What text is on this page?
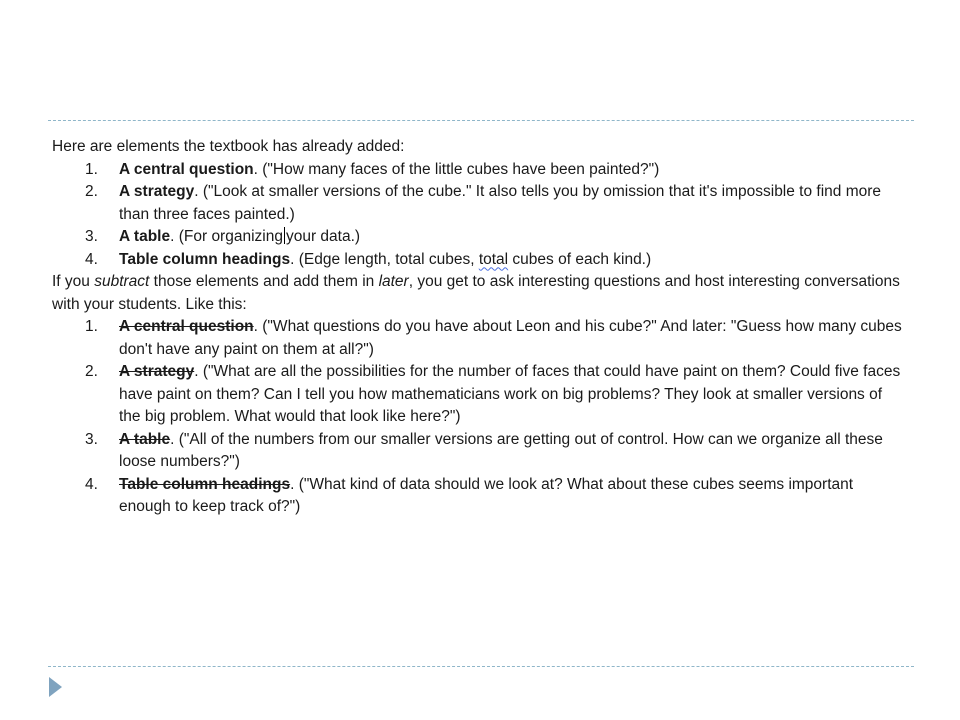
Here are elements the textbook has already added:

1. A central question. ("How many faces of the little cubes have been painted?")
2. A strategy. ("Look at smaller versions of the cube." It also tells you by omission that it's impossible to find more than three faces painted.)
3. A table. (For organizing your data.)
4. Table column headings. (Edge length, total cubes, total cubes of each kind.)

If you subtract those elements and add them in later, you get to ask interesting questions and host interesting conversations with your students. Like this:

1. A central question. ("What questions do you have about Leon and his cube?" And later: "Guess how many cubes don't have any paint on them at all?")
2. A strategy. ("What are all the possibilities for the number of faces that could have paint on them? Could five faces have paint on them? Can I tell you how mathematicians work on big problems? They look at smaller versions of the big problem. What would that look like here?")
3. A table. ("All of the numbers from our smaller versions are getting out of control. How can we organize all these loose numbers?")
4. Table column headings. ("What kind of data should we look at? What about these cubes seems important enough to keep track of?")
